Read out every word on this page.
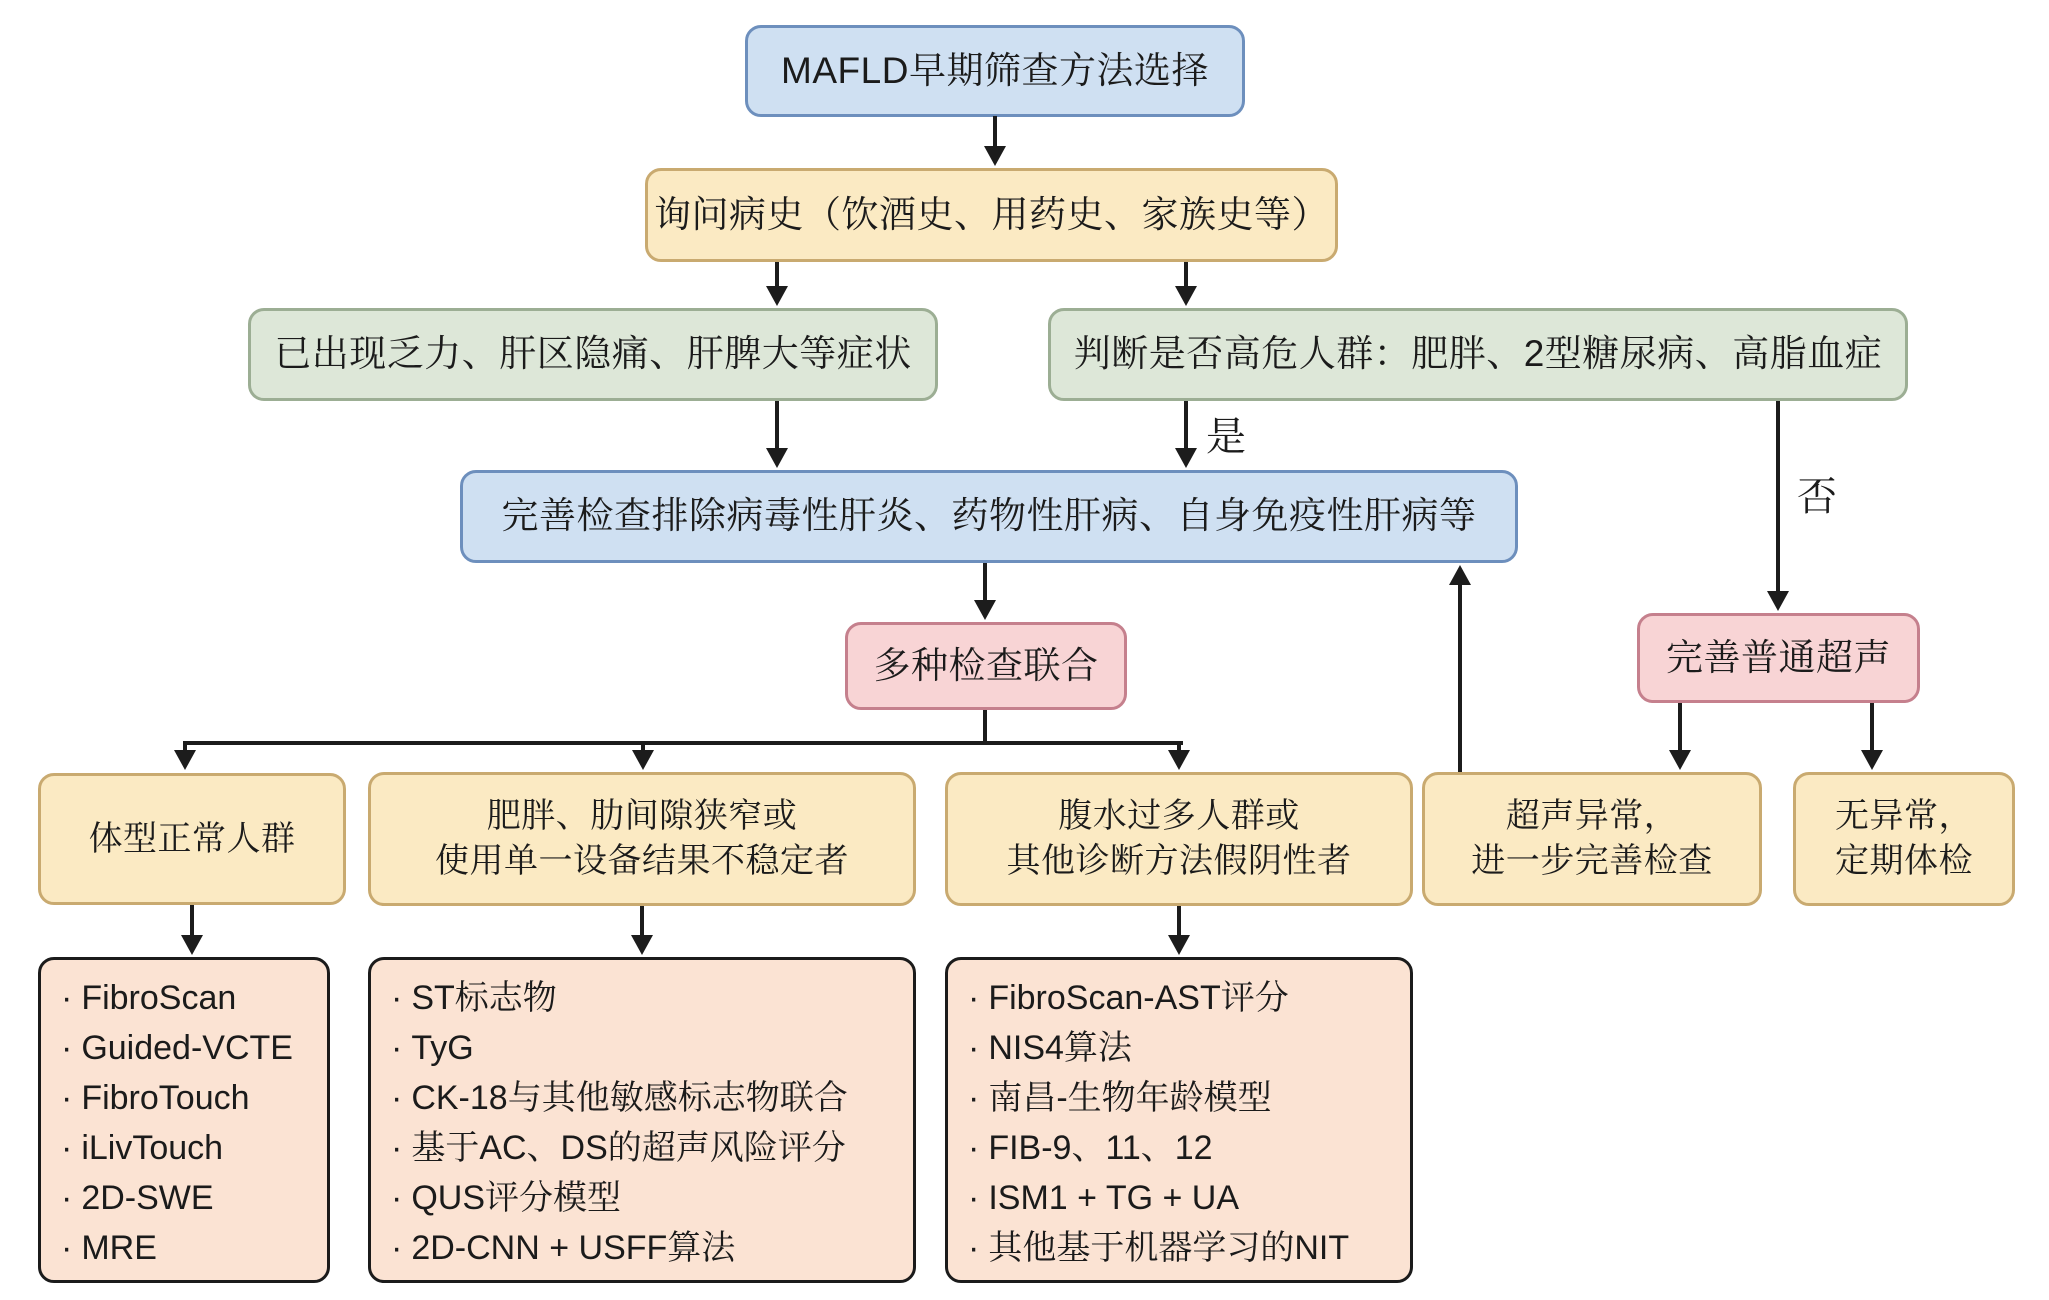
MAFLD早期筛查方法选择
询问病史（饮酒史、用药史、家族史等）
已出现乏力、肝区隐痛、肝脾大等症状	判断是否高危人群：肥胖、2型糖尿病、高脂血症
完善检查排除病毒性肝炎、药物性肝病、自身免疫性肝病等
多种检查联合	完善普通超声
体型正常人群
肥胖、肋间隙狭窄或
使用单一设备结果不稳定者
腹水过多人群或
其他诊断方法假阴性者
超声异常，
进一步完善检查
无异常，
定期体检
· FibroScan
· Guided-VCTE
· FibroTouch
· iLivTouch
· 2D-SWE
· MRE
· ST标志物
· TyG
· CK-18与其他敏感标志物联合
· 基于AC、DS的超声风险评分
· QUS评分模型
· 2D-CNN + USFF算法
· FibroScan-AST评分
· NIS4算法
· 南昌-生物年龄模型
· FIB-9、11、12
· ISM1 + TG + UA
· 其他基于机器学习的NIT
是
否
